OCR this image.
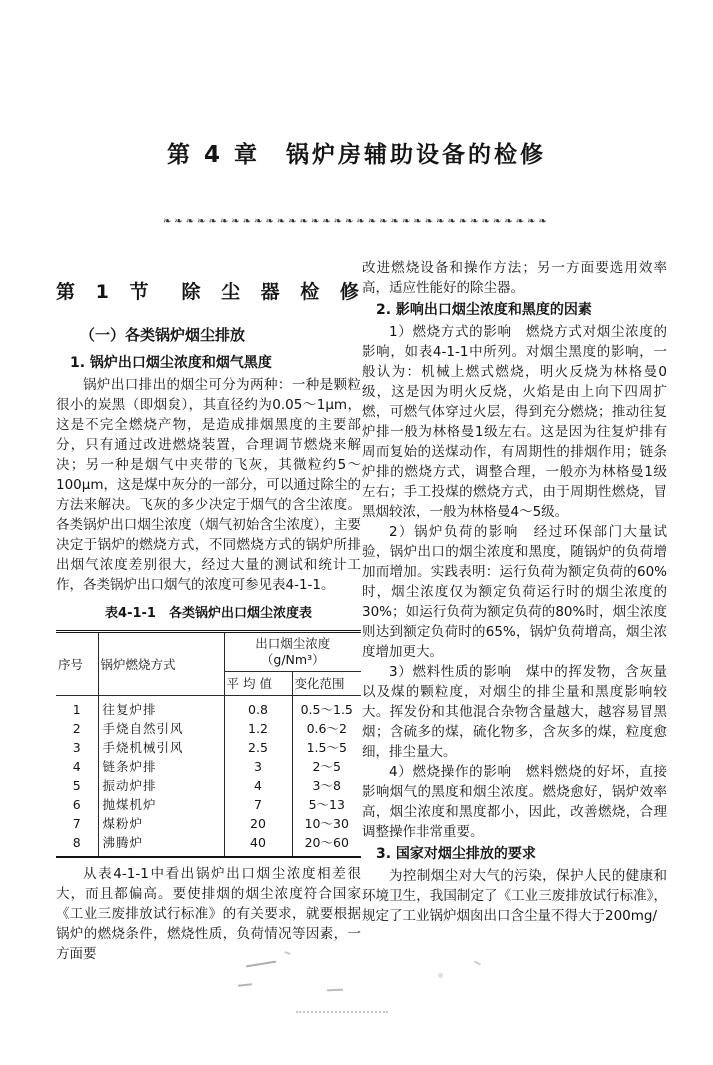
第 4 章　锅炉房辅助设备的检修
❧❧❧❧❧❧❧❧❧❧❧❧❧❧❧❧❧❧❧❧❧❧❧❧❧❧❧❧❧❧❧❧❧❧
第 1 节　除 尘 器 检 修
（一）各类锅炉烟尘排放
1. 锅炉出口烟尘浓度和烟气黑度

锅炉出口排出的烟尘可分为两种：一种是颗粒很小的炭黑（即烟炱），其直径约为0.05～1μm，这是不完全燃烧产物，是造成排烟黑度的主要部分，只有通过改进燃烧装置，合理调节燃烧来解决；另一种是烟气中夹带的飞灰，其微粒约5～100μm，这是煤中灰分的一部分，可以通过除尘的方法来解决。飞灰的多少决定于烟气的含尘浓度。各类锅炉出口烟尘浓度（烟气初始含尘浓度），主要决定于锅炉的燃烧方式，不同燃烧方式的锅炉所排出烟气浓度差别很大，经过大量的测试和统计工作，各类锅炉出口烟气的浓度可参见表4-1-1。

表4-1-1　各类锅炉出口烟尘浓度表
序号	锅炉燃烧方式	出口烟尘浓度
（g/Nm³）	

		平 均 值	变化范围
1	往复炉排	0.8	0.5～1.5
2	手烧自然引风	1.2	0.6～2
3	手烧机械引风	2.5	1.5～5
4	链条炉排	3	2～5
5	振动炉排	4	3～8
6	抛煤机炉	7	5～13
7	煤粉炉	20	10～30
8	沸腾炉	40	20～60

从表4-1-1中看出锅炉出口烟尘浓度相差很大，而且都偏高。要使排烟的烟尘浓度符合国家《工业三废排放试行标准》的有关要求，就要根据锅炉的燃烧条件，燃烧性质，负荷情况等因素，一方面要

改进燃烧设备和操作方法；另一方面要选用效率高，适应性能好的除尘器。

2. 影响出口烟尘浓度和黑度的因素

1）燃烧方式的影响　燃烧方式对烟尘浓度的影响，如表4-1-1中所列。对烟尘黑度的影响，一般认为：机械上燃式燃烧，明火反烧为林格曼0级，这是因为明火反烧，火焰是由上向下四周扩燃，可燃气体穿过火层，得到充分燃烧；推动往复炉排一般为林格曼1级左右。这是因为往复炉排有周而复始的送煤动作，有周期性的排烟作用；链条炉排的燃烧方式，调整合理，一般亦为林格曼1级左右；手工投煤的燃烧方式，由于周期性燃烧，冒黑烟较浓，一般为林格曼4～5级。

2）锅炉负荷的影响　经过环保部门大量试验，锅炉出口的烟尘浓度和黑度，随锅炉的负荷增加而增加。实践表明：运行负荷为额定负荷的60%时，烟尘浓度仅为额定负荷运行时的烟尘浓度的30%；如运行负荷为额定负荷的80%时，烟尘浓度则达到额定负荷时的65%，锅炉负荷增高，烟尘浓度增加更大。

3）燃料性质的影响　煤中的挥发物，含灰量以及煤的颗粒度，对烟尘的排尘量和黑度影响较大。挥发份和其他混合杂物含量越大，越容易冒黑烟；含硫多的煤，硫化物多，含灰多的煤，粒度愈细，排尘量大。

4）燃烧操作的影响　燃料燃烧的好坏，直接影响烟气的黑度和烟尘浓度。燃烧愈好，锅炉效率高，烟尘浓度和黑度都小，因此，改善燃烧，合理调整操作非常重要。

3. 国家对烟尘排放的要求

为控制烟尘对大气的污染，保护人民的健康和环境卫生，我国制定了《工业三废排放试行标准》，规定了工业锅炉烟囱出口含尘量不得大于200mg/
